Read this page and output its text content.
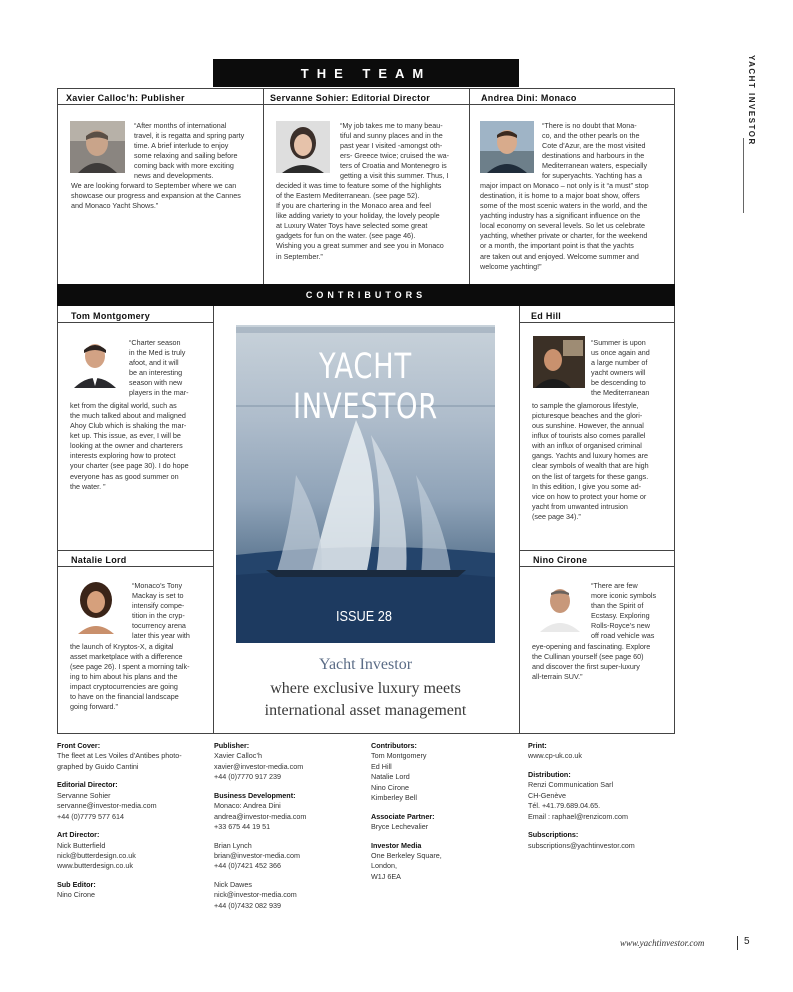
YACHT INVESTOR
THE TEAM
Xavier Calloc’h: Publisher	Servanne Sohier: Editorial Director	Andrea Dini: Monaco

“After months of international

travel, it is regatta and spring party

time. A brief interlude to enjoy

some relaxing and sailing before

coming back with more exciting

news and developments.

We are looking forward to September where we can

showcase our progress and expansion at the Cannes

and Monaco Yacht Shows.”

“My job takes me to many beau-

tiful and sunny places and in the

past year I visited -amongst oth-

ers- Greece twice; cruised the wa-

ters of Croatia and Montenegro is

getting a visit this summer. Thus, I

decided it was time to feature some of the highlights

of the Eastern Mediterranean. (see page 52).

If you are chartering in the Monaco area and feel

like adding variety to your holiday, the lovely people

at Luxury Water Toys have selected some great

gadgets for fun on the water. (see page 46).

Wishing you a great summer and see you in Monaco

in September.”

“There is no doubt that Mona-

co, and the other pearls on the

Cote d’Azur, are the most visited

destinations and harbours in the

Mediterranean waters, especially

for superyachts. Yachting has a

major impact on Monaco – not only is it “a must” stop

destination, it is home to a major boat show, offers

some of the most scenic waters in the world, and the

yachting industry has a significant influence on the

local economy on several levels. So let us celebrate

yachting, whether private or charter, for the weekend

or a month, the important point is that the yachts

are taken out and enjoyed. Welcome summer and

welcome yachting!”

CONTRIBUTORS
Tom Montgomery	Ed Hill
Natalie Lord	Nino Cirone

“Charter season

in the Med is truly

afoot, and it will

be an interesting

season with new

players in the mar-

ket from the digital world, such as

the much talked about and maligned

Ahoy Club which is shaking the mar-

ket up. This issue, as ever, I will be

looking at the owner and charterers

interests exploring how to protect

your charter (see page 30). I do hope

everyone has as good summer on

the water. ”

“Summer is upon

us once again and

a large number of

yacht owners will

be descending to

the Mediterranean

to sample the glamorous lifestyle,

picturesque beaches and the glori-

ous sunshine. However, the annual

influx of tourists also comes parallel

with an influx of organised criminal

gangs. Yachts and luxury homes are

clear symbols of wealth that are high

on the list of targets for these gangs.

In this edition, I give you some ad-

vice on how to protect your home or

yacht from unwanted intrusion

(see page 34).”

“Monaco’s Tony

Mackay is set to

intensify compe-

tition in the cryp-

tocurrency arena

later this year with

the launch of Kryptos-X, a digital

asset marketplace with a difference

(see page 26). I spent a morning talk-

ing to him about his plans and the

impact cryptocurrencies are going

to have on the financial landscape

going forward.”

“There are few

more iconic symbols

than the Spirit of

Ecstasy. Exploring

Rolls-Royce’s new

off road vehicle was

eye-opening and fascinating. Explore

the Cullinan yourself (see page 60)

and discover the first super-luxury

all-terrain SUV.”

YACHT INVESTOR
ISSUE 28
Yacht Investor
where exclusive luxury meets
international asset management
Front Cover:
The fleet at Les Voiles d’Antibes photo-
graphed by Guido Cantini
Editorial Director:
Servanne Sohier
servanne@investor-media.com
+44 (0)7779 577 614
Art Director:
Nick Butterfield
nick@butterdesign.co.uk
www.butterdesign.co.uk
Sub Editor:
Nino Cirone
Publisher:
Xavier Calloc’h
xavier@investor-media.com
+44 (0)7770 917 239
Business Development:
Monaco: Andrea Dini
andrea@investor-media.com
+33 675 44 19 51
Brian Lynch
brian@investor-media.com
+44 (0)7421 452 366
Nick Dawes
nick@investor-media.com
+44 (0)7432 082 939
Contributors:
Tom Montgomery
Ed Hill
Natalie Lord
Nino Cirone
Kimberley Bell
Associate Partner:
Bryce Lechevalier
Investor Media
One Berkeley Square,
London,
W1J 6EA
Print:
www.cp-uk.co.uk
Distribution:
Renzi Communication Sarl
CH-Genève
Tél. +41.79.689.04.65.
Email : raphael@renzicom.com
Subscriptions:
subscriptions@yachtinvestor.com
www.yachtinvestor.com	5
